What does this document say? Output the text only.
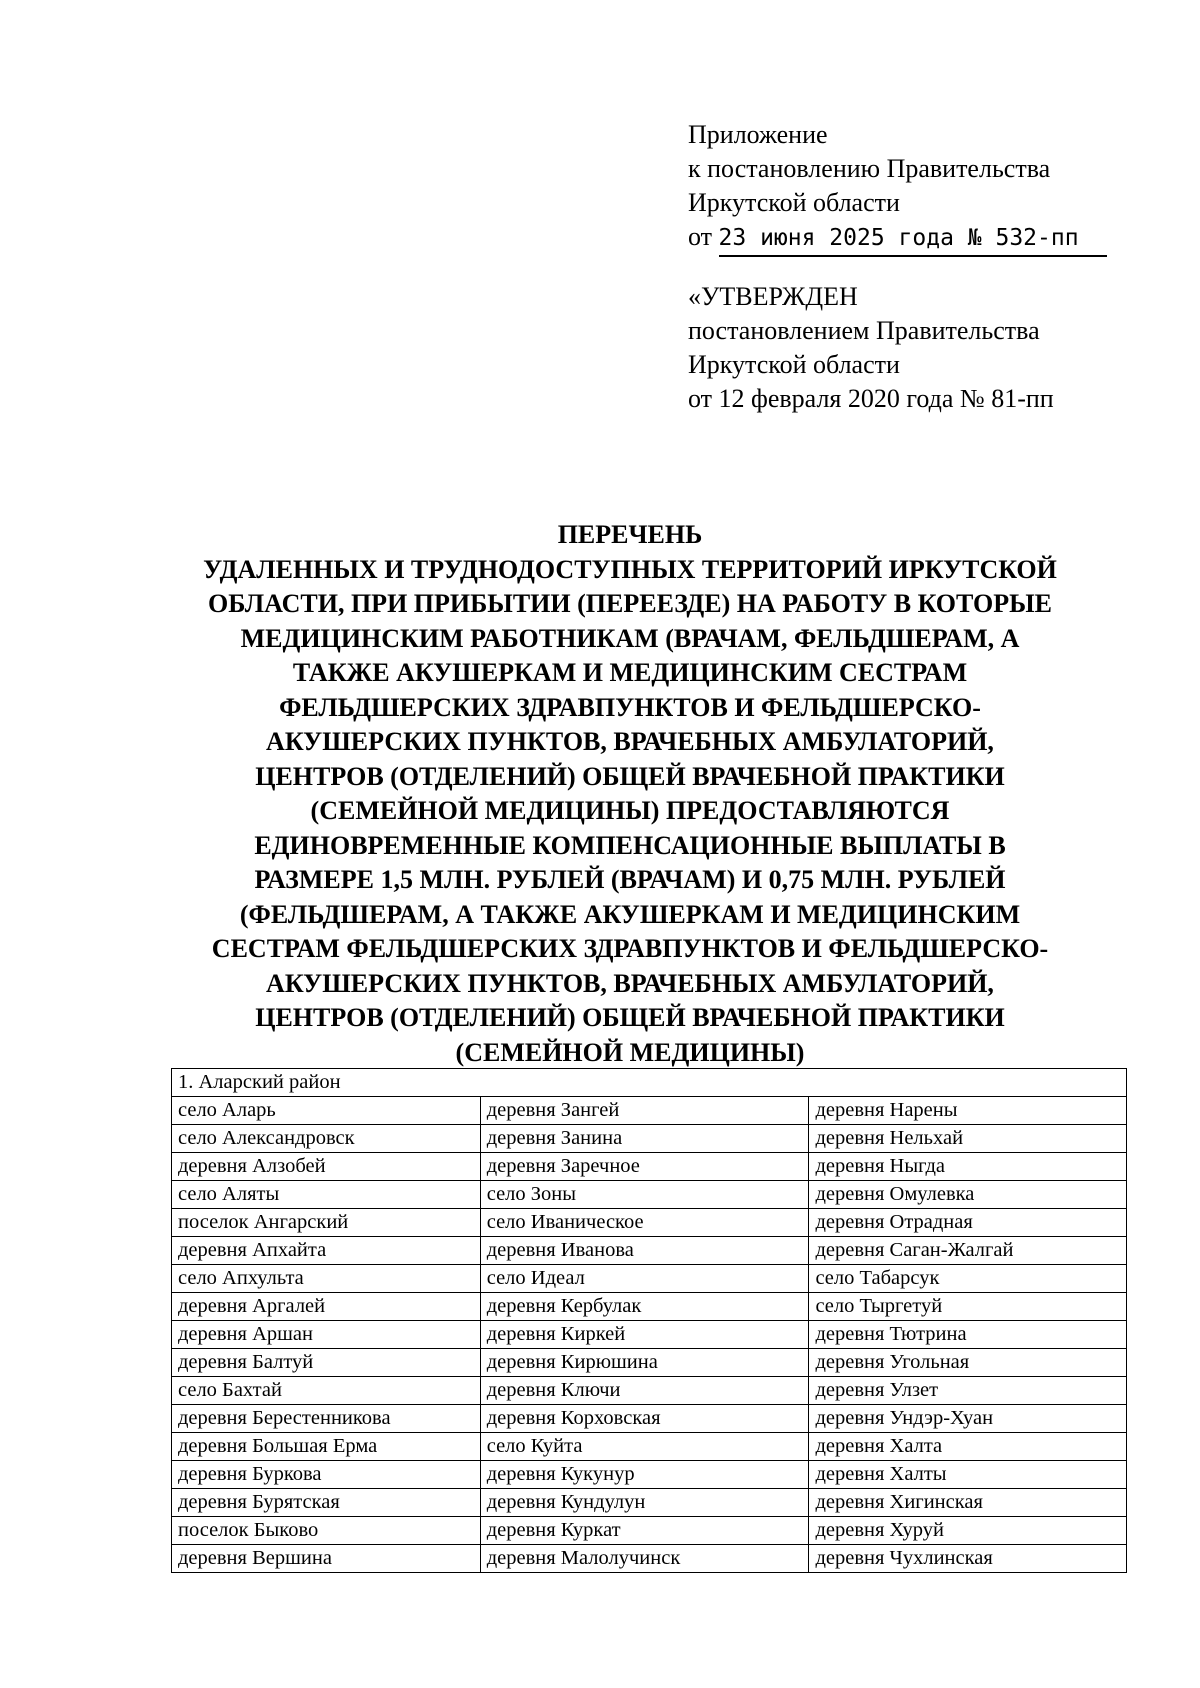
Приложение
к постановлению Правительства
Иркутской области
от 23 июня 2025 года № 532-пп
«УТВЕРЖДЕН
постановлением Правительства
Иркутской области
от 12 февраля 2020 года № 81-пп
ПЕРЕЧЕНЬ
УДАЛЕННЫХ И ТРУДНОДОСТУПНЫХ ТЕРРИТОРИЙ ИРКУТСКОЙ
ОБЛАСТИ, ПРИ ПРИБЫТИИ (ПЕРЕЕЗДЕ) НА РАБОТУ В КОТОРЫЕ
МЕДИЦИНСКИМ РАБОТНИКАМ (ВРАЧАМ, ФЕЛЬДШЕРАМ, А
ТАКЖЕ АКУШЕРКАМ И МЕДИЦИНСКИМ СЕСТРАМ
ФЕЛЬДШЕРСКИХ ЗДРАВПУНКТОВ И ФЕЛЬДШЕРСКО-
АКУШЕРСКИХ ПУНКТОВ, ВРАЧЕБНЫХ АМБУЛАТОРИЙ,
ЦЕНТРОВ (ОТДЕЛЕНИЙ) ОБЩЕЙ ВРАЧЕБНОЙ ПРАКТИКИ
(СЕМЕЙНОЙ МЕДИЦИНЫ) ПРЕДОСТАВЛЯЮТСЯ
ЕДИНОВРЕМЕННЫЕ КОМПЕНСАЦИОННЫЕ ВЫПЛАТЫ В
РАЗМЕРЕ 1,5 МЛН. РУБЛЕЙ (ВРАЧАМ) И 0,75 МЛН. РУБЛЕЙ
(ФЕЛЬДШЕРАМ, А ТАКЖЕ АКУШЕРКАМ И МЕДИЦИНСКИМ
СЕСТРАМ ФЕЛЬДШЕРСКИХ ЗДРАВПУНКТОВ И ФЕЛЬДШЕРСКО-
АКУШЕРСКИХ ПУНКТОВ, ВРАЧЕБНЫХ АМБУЛАТОРИЙ,
ЦЕНТРОВ (ОТДЕЛЕНИЙ) ОБЩЕЙ ВРАЧЕБНОЙ ПРАКТИКИ
(СЕМЕЙНОЙ МЕДИЦИНЫ)
1. Аларский район		
село Аларь	деревня Зангей	деревня Нарены
село Александровск	деревня Занина	деревня Нельхай
деревня Алзобей	деревня Заречное	деревня Ныгда
село Аляты	село Зоны	деревня Омулевка
поселок Ангарский	село Иваническое	деревня Отрадная
деревня Апхайта	деревня Иванова	деревня Саган-Жалгай
село Апхульта	село Идеал	село Табарсук
деревня Аргалей	деревня Кербулак	село Тыргетуй
деревня Аршан	деревня Киркей	деревня Тютрина
деревня Балтуй	деревня Кирюшина	деревня Угольная
село Бахтай	деревня Ключи	деревня Улзет
деревня Берестенникова	деревня Корховская	деревня Ундэр-Хуан
деревня Большая Ерма	село Куйта	деревня Халта
деревня Буркова	деревня Кукунур	деревня Халты
деревня Бурятская	деревня Кундулун	деревня Хигинская
поселок Быково	деревня Куркат	деревня Хуруй
деревня Вершина	деревня Малолучинск	деревня Чухлинская
